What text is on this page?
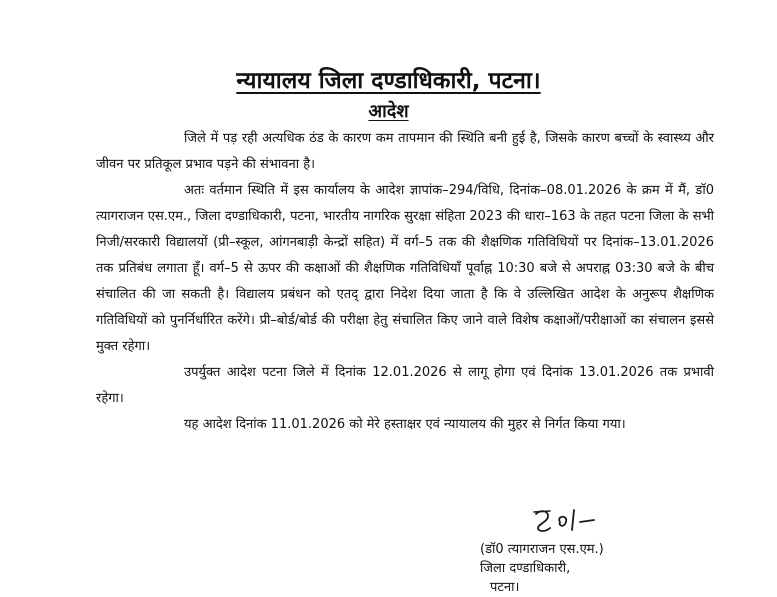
न्यायालय जिला दण्डाधिकारी, पटना।
आदेश

जिले में पड़ रही अत्यधिक ठंड के कारण कम तापमान की स्थिति बनी हुई है, जिसके कारण बच्चों के स्वास्थ्य और जीवन पर प्रतिकूल प्रभाव पड़ने की संभावना है।

अतः वर्तमान स्थिति में इस कार्यालय के आदेश ज्ञापांक–294/विधि, दिनांक–08.01.2026 के क्रम में मैं, डॉ0 त्यागराजन एस.एम., जिला दण्डाधिकारी, पटना, भारतीय नागरिक सुरक्षा संहिता 2023 की धारा–163 के तहत पटना जिला के सभी निजी/सरकारी विद्यालयों (प्री–स्कूल, आंगनबाड़ी केन्द्रों सहित) में वर्ग–5 तक की शैक्षणिक गतिविधियों पर दिनांक–13.01.2026 तक प्रतिबंध लगाता हूँ। वर्ग–5 से ऊपर की कक्षाओं की शैक्षणिक गतिविधियाँ पूर्वाह्न 10:30 बजे से अपराह्न 03:30 बजे के बीच संचालित की जा सकती है। विद्यालय प्रबंधन को एतद् द्वारा निदेश दिया जाता है कि वे उल्लिखित आदेश के अनुरूप शैक्षणिक गतिविधियों को पुनर्निर्धारित करेंगे। प्री–बोर्ड/बोर्ड की परीक्षा हेतु संचालित किए जाने वाले विशेष कक्षाओं/परीक्षाओं का संचालन इससे मुक्त रहेगा।

उपर्युक्त आदेश पटना जिले में दिनांक 12.01.2026 से लागू होगा एवं दिनांक 13.01.2026 तक प्रभावी रहेगा।

यह आदेश दिनांक 11.01.2026 को मेरे हस्ताक्षर एवं न्यायालय की मुहर से निर्गत किया गया।

(डॉ0 त्यागराजन एस.एम.)
जिला दण्डाधिकारी,
पटना।
